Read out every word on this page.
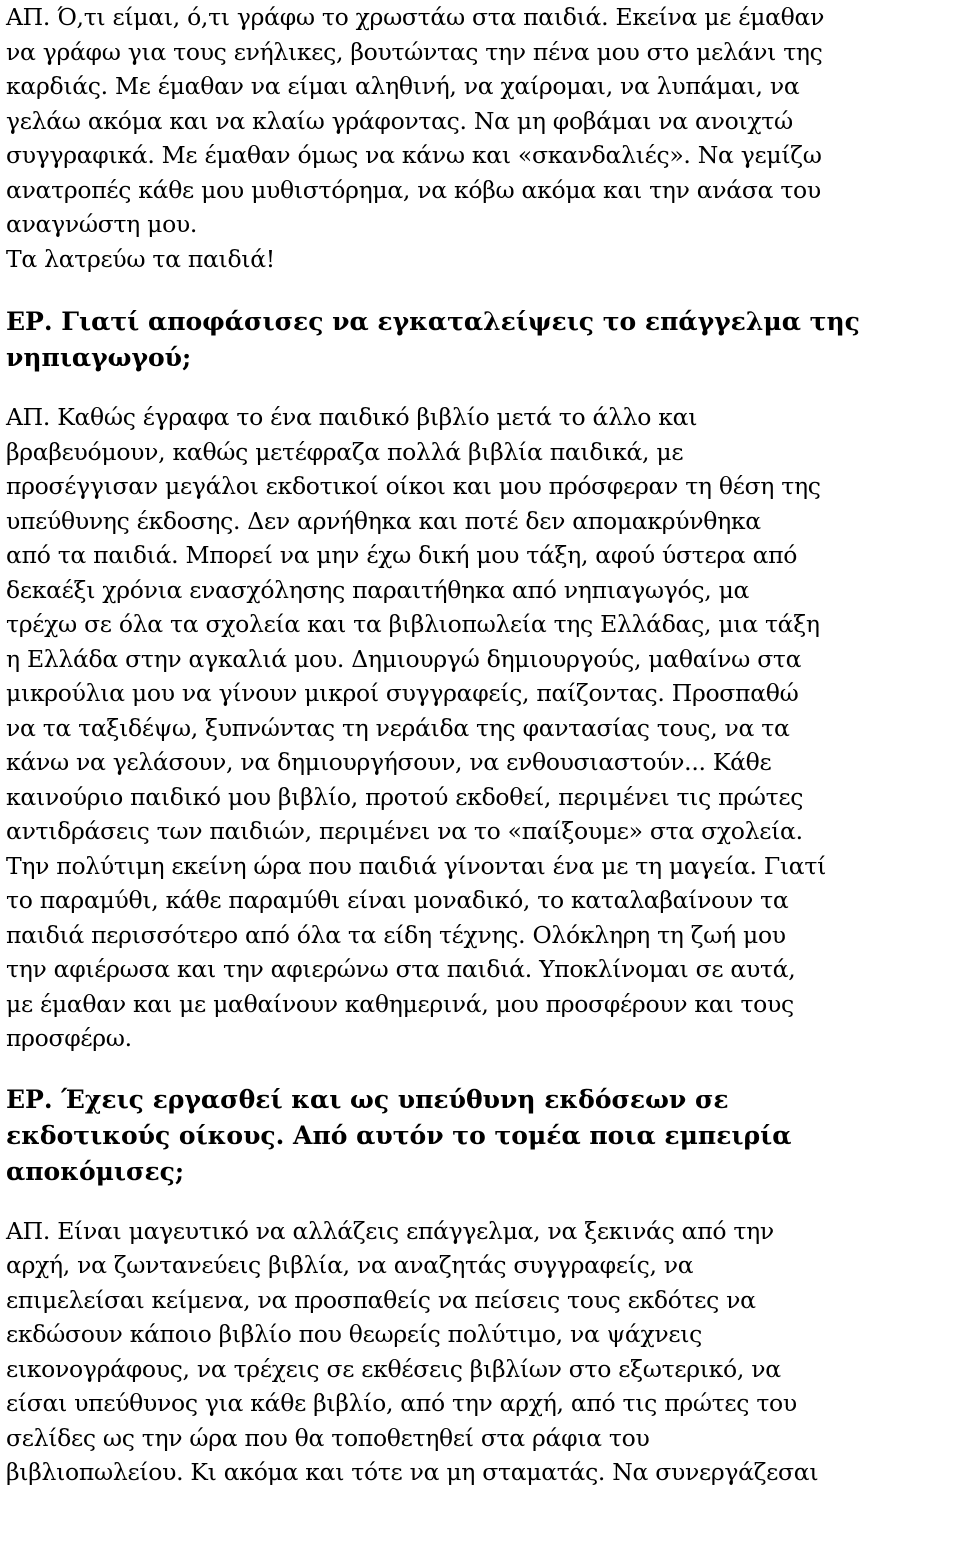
ΑΠ. Ό,τι είμαι, ό,τι γράφω το χρωστάω στα παιδιά. Εκείνα με έμαθαν
να γράφω για τους ενήλικες, βουτώντας την πένα μου στο μελάνι της
καρδιάς. Με έμαθαν να είμαι αληθινή, να χαίρομαι, να λυπάμαι, να
γελάω ακόμα και να κλαίω γράφοντας. Να μη φοβάμαι να ανοιχτώ
συγγραφικά. Με έμαθαν όμως να κάνω και «σκανδαλιές». Να γεμίζω
ανατροπές κάθε μου μυθιστόρημα, να κόβω ακόμα και την ανάσα του
αναγνώστη μου.
Τα λατρεύω τα παιδιά!

ΕΡ. Γιατί αποφάσισες να εγκαταλείψεις το επάγγελμα της
νηπιαγωγού;

ΑΠ. Καθώς έγραφα το ένα παιδικό βιβλίο μετά το άλλο και
βραβευόμουν, καθώς μετέφραζα πολλά βιβλία παιδικά, με
προσέγγισαν μεγάλοι εκδοτικοί οίκοι και μου πρόσφεραν τη θέση της
υπεύθυνης έκδοσης. Δεν αρνήθηκα και ποτέ δεν απομακρύνθηκα
από τα παιδιά. Μπορεί να μην έχω δική μου τάξη, αφού ύστερα από
δεκαέξι χρόνια ενασχόλησης παραιτήθηκα από νηπιαγωγός, μα
τρέχω σε όλα τα σχολεία και τα βιβλιοπωλεία της Ελλάδας, μια τάξη
η Ελλάδα στην αγκαλιά μου. Δημιουργώ δημιουργούς, μαθαίνω στα
μικρούλια μου να γίνουν μικροί συγγραφείς, παίζοντας. Προσπαθώ
να τα ταξιδέψω, ξυπνώντας τη νεράιδα της φαντασίας τους, να τα
κάνω να γελάσουν, να δημιουργήσουν, να ενθουσιαστούν... Κάθε
καινούριο παιδικό μου βιβλίο, προτού εκδοθεί, περιμένει τις πρώτες
αντιδράσεις των παιδιών, περιμένει να το «παίξουμε» στα σχολεία.
Την πολύτιμη εκείνη ώρα που παιδιά γίνονται ένα με τη μαγεία. Γιατί
το παραμύθι, κάθε παραμύθι είναι μοναδικό, το καταλαβαίνουν τα
παιδιά περισσότερο από όλα τα είδη τέχνης. Ολόκληρη τη ζωή μου
την αφιέρωσα και την αφιερώνω στα παιδιά. Υποκλίνομαι σε αυτά,
με έμαθαν και με μαθαίνουν καθημερινά, μου προσφέρουν και τους
προσφέρω.

ΕΡ. Έχεις εργασθεί και ως υπεύθυνη εκδόσεων σε
εκδοτικούς οίκους. Από αυτόν το τομέα ποια εμπειρία
αποκόμισες;

ΑΠ. Είναι μαγευτικό να αλλάζεις επάγγελμα, να ξεκινάς από την
αρχή, να ζωντανεύεις βιβλία, να αναζητάς συγγραφείς, να
επιμελείσαι κείμενα, να προσπαθείς να πείσεις τους εκδότες να
εκδώσουν κάποιο βιβλίο που θεωρείς πολύτιμο, να ψάχνεις
εικονογράφους, να τρέχεις σε εκθέσεις βιβλίων στο εξωτερικό, να
είσαι υπεύθυνος για κάθε βιβλίο, από την αρχή, από τις πρώτες του
σελίδες ως την ώρα που θα τοποθετηθεί στα ράφια του
βιβλιοπωλείου. Κι ακόμα και τότε να μη σταματάς. Να συνεργάζεσαι
